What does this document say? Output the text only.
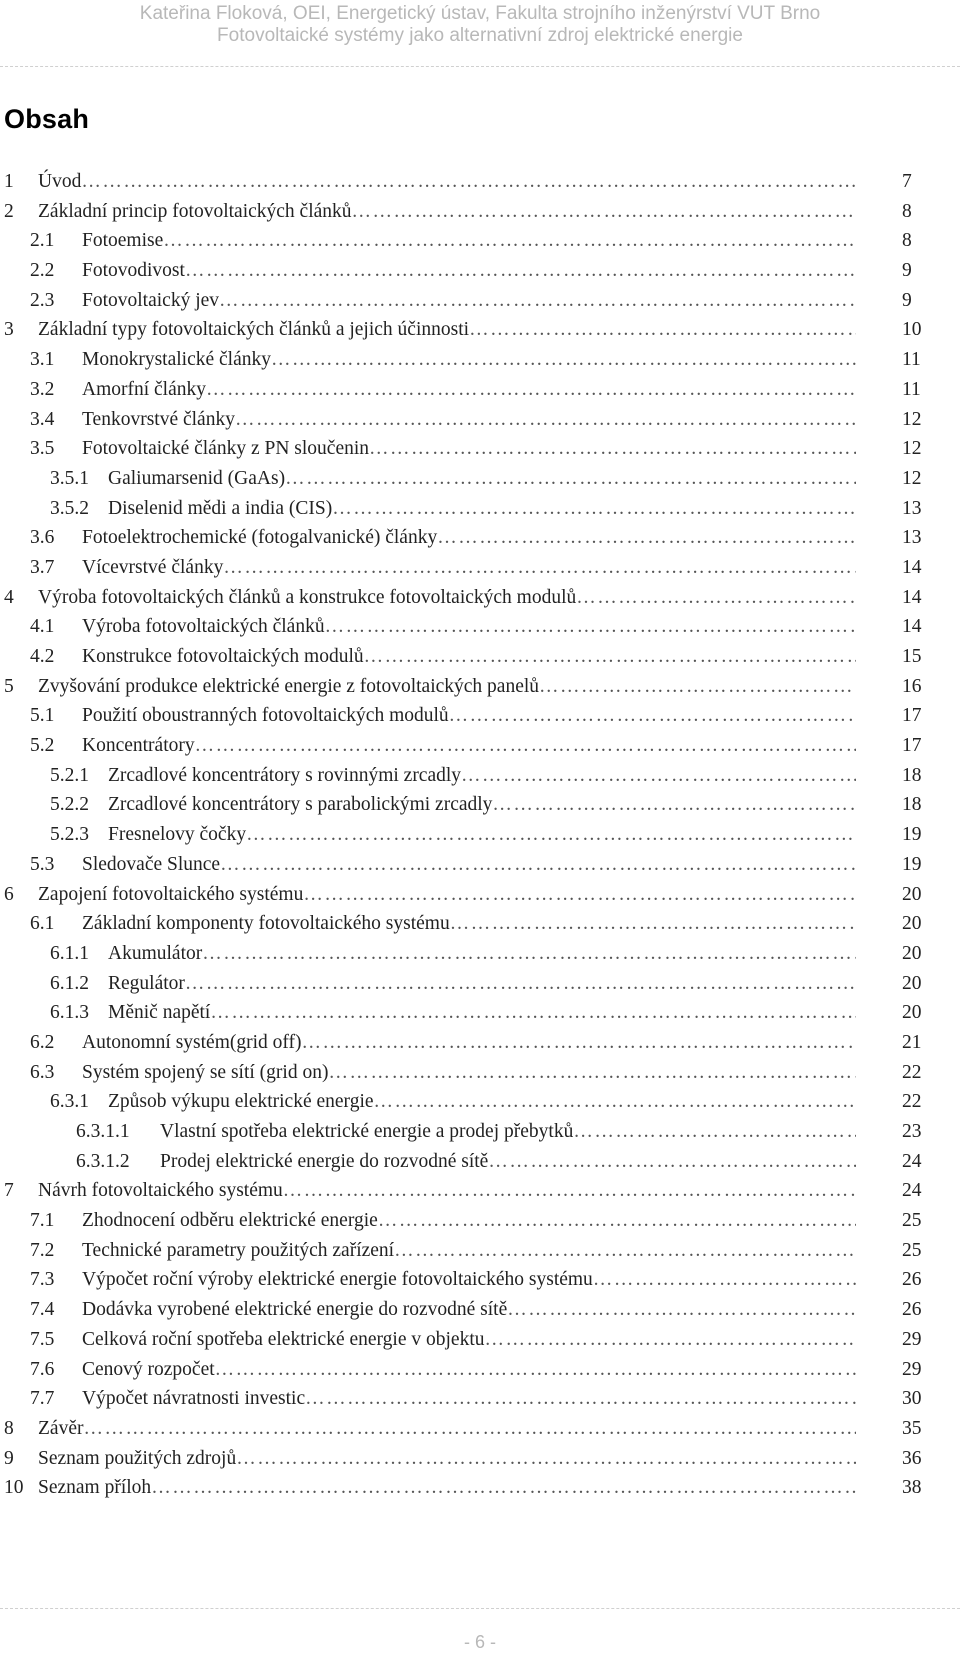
Kateřina Floková, OEI, Energetický ústav, Fakulta strojního inženýrství VUT Brno
Fotovoltaické systémy jako alternativní zdroj elektrické energie
Obsah
1 Úvod ……………………………………………………………………………………………………………………………………………………………………………	7
2 Základní princip fotovoltaických článků ……………………………………………………………………………………………………………………………………………………………………………	8
2.1 Fotoemise ……………………………………………………………………………………………………………………………………………………………………………	8
2.2 Fotovodivost ……………………………………………………………………………………………………………………………………………………………………………	9
2.3 Fotovoltaický jev ……………………………………………………………………………………………………………………………………………………………………………	9
3 Základní typy fotovoltaických článků a jejich účinnosti ……………………………………………………………………………………………………………………………………………………………………………	10
3.1 Monokrystalické články ……………………………………………………………………………………………………………………………………………………………………………	11
3.2 Amorfní články ……………………………………………………………………………………………………………………………………………………………………………	11
3.4 Tenkovrstvé články ……………………………………………………………………………………………………………………………………………………………………………	12
3.5 Fotovoltaické články z PN sloučenin ……………………………………………………………………………………………………………………………………………………………………………	12
3.5.1 Galiumarsenid (GaAs) ……………………………………………………………………………………………………………………………………………………………………………	12
3.5.2 Diselenid mědi a india (CIS) ……………………………………………………………………………………………………………………………………………………………………………	13
3.6 Fotoelektrochemické (fotogalvanické) články ……………………………………………………………………………………………………………………………………………………………………………	13
3.7 Vícevrstvé články ……………………………………………………………………………………………………………………………………………………………………………	14
4 Výroba fotovoltaických článků a konstrukce fotovoltaických modulů ……………………………………………………………………………………………………………………………………………………………………………	14
4.1 Výroba fotovoltaických článků ……………………………………………………………………………………………………………………………………………………………………………	14
4.2 Konstrukce fotovoltaických modulů ……………………………………………………………………………………………………………………………………………………………………………	15
5 Zvyšování produkce elektrické energie z fotovoltaických panelů ……………………………………………………………………………………………………………………………………………………………………………	16
5.1 Použití oboustranných fotovoltaických modulů ……………………………………………………………………………………………………………………………………………………………………………	17
5.2 Koncentrátory ……………………………………………………………………………………………………………………………………………………………………………	17
5.2.1 Zrcadlové koncentrátory s rovinnými zrcadly ……………………………………………………………………………………………………………………………………………………………………………	18
5.2.2 Zrcadlové koncentrátory s parabolickými zrcadly ……………………………………………………………………………………………………………………………………………………………………………	18
5.2.3 Fresnelovy čočky ……………………………………………………………………………………………………………………………………………………………………………	19
5.3 Sledovače Slunce ……………………………………………………………………………………………………………………………………………………………………………	19
6 Zapojení fotovoltaického systému ……………………………………………………………………………………………………………………………………………………………………………	20
6.1 Základní komponenty fotovoltaického systému ……………………………………………………………………………………………………………………………………………………………………………	20
6.1.1 Akumulátor ……………………………………………………………………………………………………………………………………………………………………………	20
6.1.2 Regulátor ……………………………………………………………………………………………………………………………………………………………………………	20
6.1.3 Měnič napětí ……………………………………………………………………………………………………………………………………………………………………………	20
6.2 Autonomní systém(grid off) ……………………………………………………………………………………………………………………………………………………………………………	21
6.3 Systém spojený se sítí (grid on) ……………………………………………………………………………………………………………………………………………………………………………	22
6.3.1 Způsob výkupu elektrické energie ……………………………………………………………………………………………………………………………………………………………………………	22
6.3.1.1 Vlastní spotřeba elektrické energie a prodej přebytků ……………………………………………………………………………………………………………………………………………………………………………	23
6.3.1.2 Prodej elektrické energie do rozvodné sítě ……………………………………………………………………………………………………………………………………………………………………………	24
7 Návrh fotovoltaického systému ……………………………………………………………………………………………………………………………………………………………………………	24
7.1 Zhodnocení odběru elektrické energie ……………………………………………………………………………………………………………………………………………………………………………	25
7.2 Technické parametry použitých zařízení ……………………………………………………………………………………………………………………………………………………………………………	25
7.3 Výpočet roční výroby elektrické energie fotovoltaického systému ……………………………………………………………………………………………………………………………………………………………………………	26
7.4 Dodávka vyrobené elektrické energie do rozvodné sítě ……………………………………………………………………………………………………………………………………………………………………………	26
7.5 Celková roční spotřeba elektrické energie v objektu ……………………………………………………………………………………………………………………………………………………………………………	29
7.6 Cenový rozpočet ……………………………………………………………………………………………………………………………………………………………………………	29
7.7 Výpočet návratnosti investic ……………………………………………………………………………………………………………………………………………………………………………	30
8 Závěr ……………………………………………………………………………………………………………………………………………………………………………	35
9 Seznam použitých zdrojů ……………………………………………………………………………………………………………………………………………………………………………	36
10 Seznam příloh ……………………………………………………………………………………………………………………………………………………………………………	38
- 6 -
